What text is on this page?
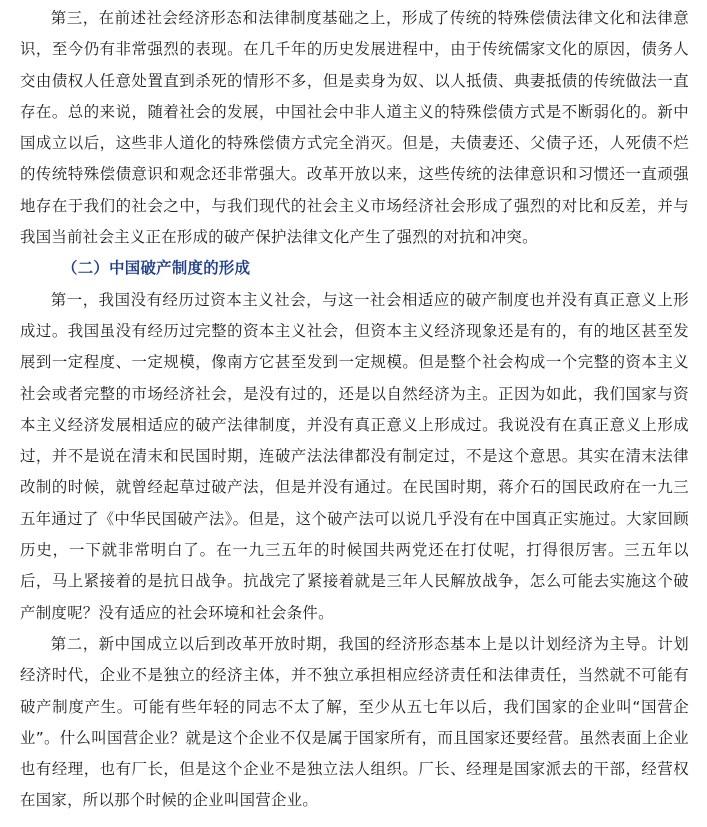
第三，在前述社会经济形态和法律制度基础之上，形成了传统的特殊偿债法律文化和法律意识，至今仍有非常强烈的表现。在几千年的历史发展进程中，由于传统儒家文化的原因，债务人交由债权人任意处置直到杀死的情形不多，但是卖身为奴、以人抵债、典妻抵债的传统做法一直存在。总的来说，随着社会的发展，中国社会中非人道主义的特殊偿债方式是不断弱化的。新中国成立以后，这些非人道化的特殊偿债方式完全消灭。但是，夫债妻还、父债子还，人死债不烂的传统特殊偿债意识和观念还非常强大。改革开放以来，这些传统的法律意识和习惯还一直顽强地存在于我们的社会之中，与我们现代的社会主义市场经济社会形成了强烈的对比和反差，并与我国当前社会主义正在形成的破产保护法律文化产生了强烈的对抗和冲突。

（二）中国破产制度的形成

第一，我国没有经历过资本主义社会，与这一社会相适应的破产制度也并没有真正意义上形成过。我国虽没有经历过完整的资本主义社会，但资本主义经济现象还是有的，有的地区甚至发展到一定程度、一定规模，像南方它甚至发到一定规模。但是整个社会构成一个完整的资本主义社会或者完整的市场经济社会，是没有过的，还是以自然经济为主。正因为如此，我们国家与资本主义经济发展相适应的破产法律制度，并没有真正意义上形成过。我说没有在真正意义上形成过，并不是说在清末和民国时期，连破产法法律都没有制定过，不是这个意思。其实在清末法律改制的时候，就曾经起草过破产法，但是并没有通过。在民国时期，蒋介石的国民政府在一九三五年通过了《中华民国破产法》。但是，这个破产法可以说几乎没有在中国真正实施过。大家回顾历史，一下就非常明白了。在一九三五年的时候国共两党还在打仗呢，打得很厉害。三五年以后，马上紧接着的是抗日战争。抗战完了紧接着就是三年人民解放战争，怎么可能去实施这个破产制度呢？没有适应的社会环境和社会条件。

第二，新中国成立以后到改革开放时期，我国的经济形态基本上是以计划经济为主导。计划经济时代，企业不是独立的经济主体，并不独立承担相应经济责任和法律责任，当然就不可能有破产制度产生。可能有些年轻的同志不太了解，至少从五七年以后，我们国家的企业叫“国营企业”。什么叫国营企业？就是这个企业不仅是属于国家所有，而且国家还要经营。虽然表面上企业也有经理，也有厂长，但是这个企业不是独立法人组织。厂长、经理是国家派去的干部，经营权在国家，所以那个时候的企业叫国营企业。
